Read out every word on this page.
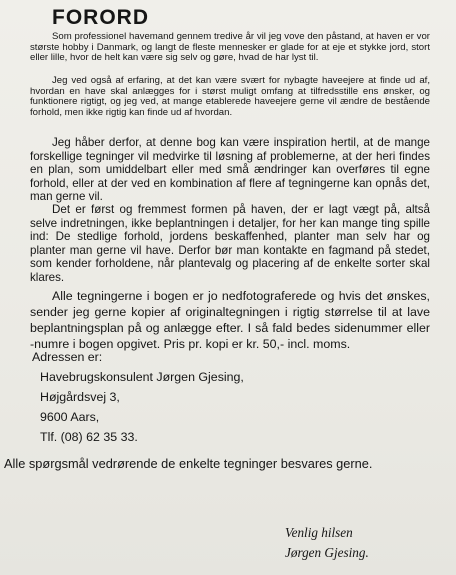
FORORD

Som professionel havemand gennem tredive år vil jeg vove den påstand, at haven er vor største hobby i Danmark, og langt de fleste mennesker er glade for at eje et stykke jord, stort eller lille, hvor de helt kan være sig selv og gøre, hvad de har lyst til.

Jeg ved også af erfaring, at det kan være svært for nybagte haveejere at finde ud af, hvordan en have skal anlægges for i størst muligt omfang at tilfredsstille ens ønsker, og funktionere rigtigt, og jeg ved, at mange etablerede haveejere gerne vil ændre de bestående forhold, men ikke rigtig kan finde ud af hvordan.

Jeg håber derfor, at denne bog kan være inspiration hertil, at de mange forskellige tegninger vil medvirke til løsning af problemerne, at der heri findes en plan, som umiddelbart eller med små ændringer kan overføres til egne forhold, eller at der ved en kombination af flere af tegningerne kan opnås det, man gerne vil.

Det er først og fremmest formen på haven, der er lagt vægt på, altså selve indretningen, ikke beplantningen i detaljer, for her kan mange ting spille ind: De stedlige forhold, jordens beskaffenhed, planter man selv har og planter man gerne vil have. Derfor bør man kontakte en fagmand på stedet, som kender forholdene, når plantevalg og placering af de enkelte sorter skal klares.

Alle tegningerne i bogen er jo nedfotograferede og hvis det ønskes, sender jeg gerne kopier af originaltegningen i rigtig størrelse til at lave beplantningsplan på og anlægge efter. I så fald bedes sidenummer eller -numre i bogen opgivet. Pris pr. kopi er kr. 50,- incl. moms.

Adressen er:

Havebrugskonsulent Jørgen Gjesing,
Højgårdsvej 3,
9600 Aars,
Tlf. (08) 62 35 33.

Alle spørgsmål vedrørende de enkelte tegninger besvares gerne.

Venlig hilsen
Jørgen Gjesing.
